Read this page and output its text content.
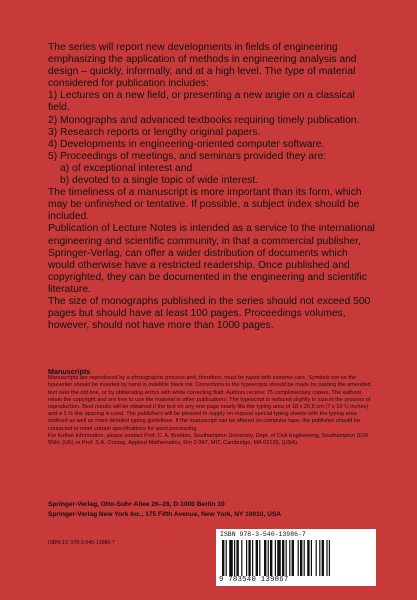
The series will report new developments in fields of engineering emphasizing the application of methods in engineering analysis and design – quickly, informally, and at a high level. The type of material considered for publication includes:

1) Lectures on a new field, or presenting a new angle on a classical field.

2) Monographs and advanced textbooks requiring timely publication.

3) Research reports or lengthy original papers.

4) Developments in engineering-oriented computer software.

5) Proceedings of meetings, and seminars provided they are:

a) of exceptional interest and

b) devoted to a single topic of wide interest.

The timeliness of a manuscript is more important than its form, which may be unfinished or tentative. If possible, a subject index should be included.

Publication of Lecture Notes is intended as a service to the international engineering and scientific community, in that a commercial publisher, Springer-Verlag, can offer a wider distribution of documents which would otherwise have a restricted readership. Once published and copyrighted, they can be documented in the engineering and scientific literature.

The size of monographs published in the series should not exceed 500 pages but should have at least 100 pages. Proceedings volumes, however, should not have more than 1000 pages.

Manuscripts

Manuscripts are reproduced by a photographic process and, therefore, must be typed with extreme care. Symbols not on the typewriter should be inserted by hand in indelible black ink. Corrections to the typescripts should be made by pasting the amended text over the old one, or by obliterating errors with white correcting fluid. Authors receive 75 complimentary copies. The authors retain the copyright and are free to use the material in other publications. The typescript is reduced slightly in size in the process of reproduction. Best results will be obtained if the text on any one page nearly fills the typing area of 18 x 26.5 cm (7 x 10 ½ inches) and a 1 ½ line spacing is used. The publishers will be pleased to supply on request special typing sheets with the typing area outlined as well as more detailed typing guidelines. If the manuscript can be offered on computer tape, the publisher should be contacted to meet certain specifications for word processing.

For further information, please contact Prof. C. A. Brebbia, Southampton University, Dept. of Civil Engineering, Southampton SO9 5NH, (UK) or Prof. S.A. Orszag, Applied Mathematics, Rm 2-347, MIT, Cambridge, MA 02139, (USA).

Springer-Verlag, Otto-Suhr-Allee 26–28, D-1000 Berlin 10

Springer-Verlag New York Inc., 175 Fifth Avenue, New York, NY 10010, USA

ISBN-13: 978-3-540-13986-7
ISBN 978-3-540-13986-7
9 783540 139867
